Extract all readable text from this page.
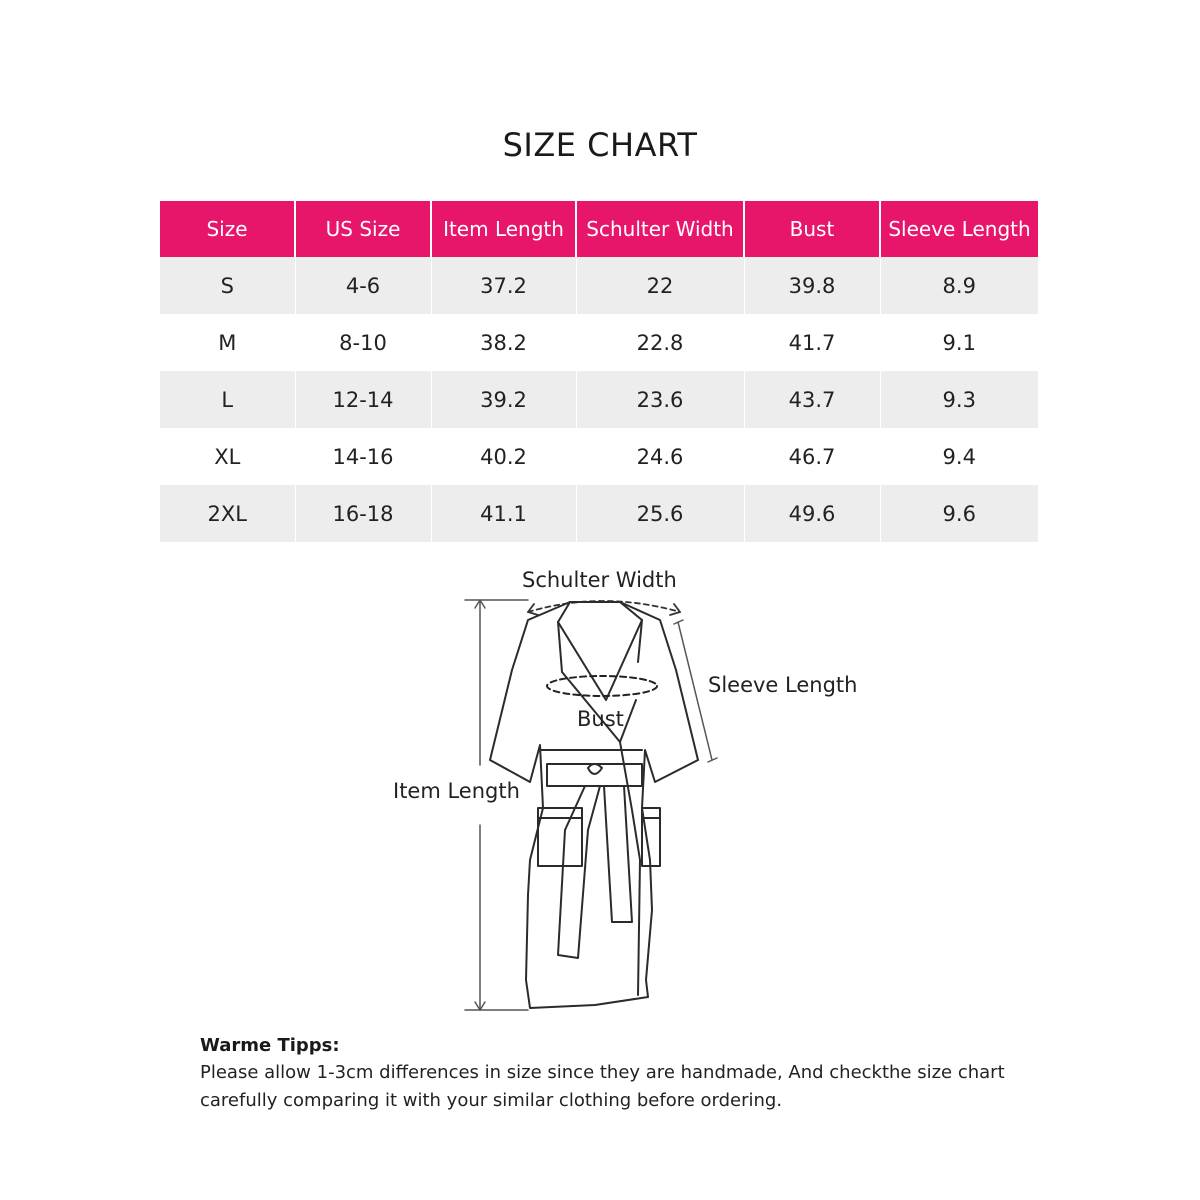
SIZE CHART
Size	US Size	Item Length	Schulter Width	Bust	Sleeve Length
S	4-6	37.2	22	39.8	8.9
M	8-10	38.2	22.8	41.7	9.1
L	12-14	39.2	23.6	43.7	9.3
XL	14-16	40.2	24.6	46.7	9.4
2XL	16-18	41.1	25.6	49.6	9.6
Schulter Width
Sleeve Length
Bust
Item Length
Warme Tipps:
Please allow 1-3cm differences in size since they are handmade, And checkthe size chart carefully comparing it with your similar clothing before ordering.
